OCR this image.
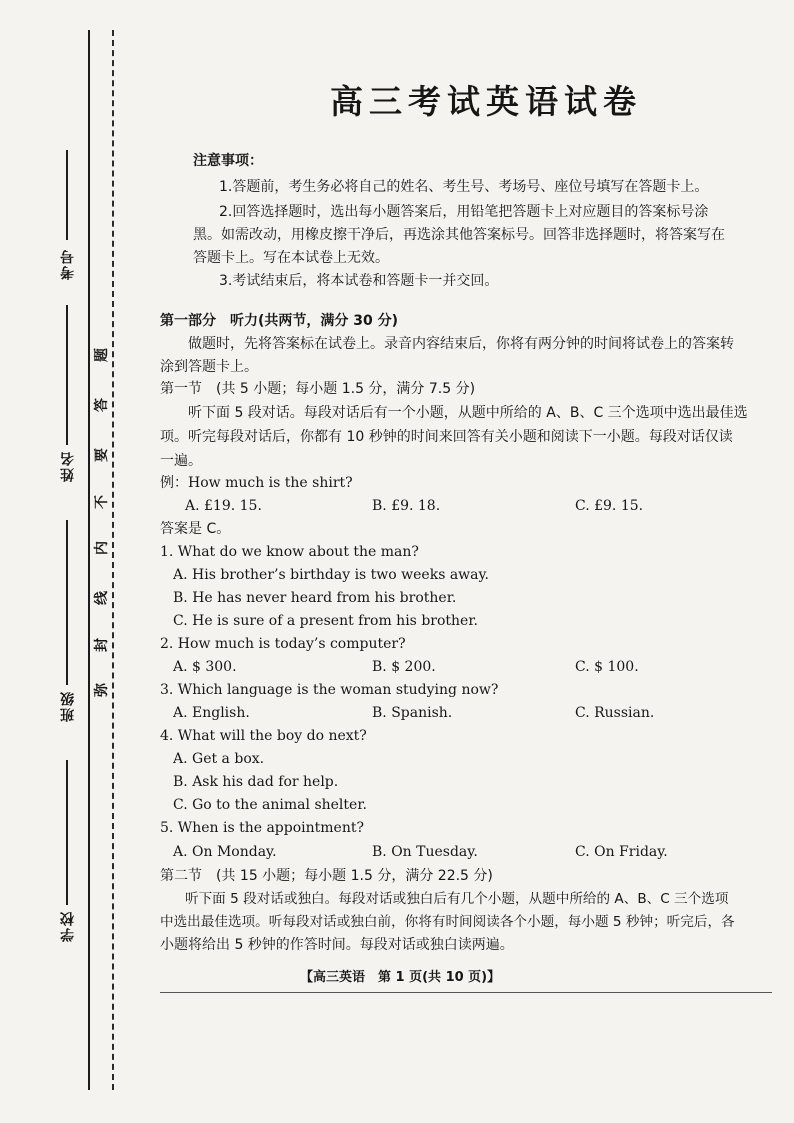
考号
姓名
班级
学校
题
答
要
不
内
线
封
弥
高三考试英语试卷
注意事项：
1.答题前，考生务必将自己的姓名、考生号、考场号、座位号填写在答题卡上。
2.回答选择题时，选出每小题答案后，用铅笔把答题卡上对应题目的答案标号涂
黑。如需改动，用橡皮擦干净后，再选涂其他答案标号。回答非选择题时，将答案写在
答题卡上。写在本试卷上无效。
3.考试结束后，将本试卷和答题卡一并交回。
第一部分　听力(共两节，满分 30 分)
做题时，先将答案标在试卷上。录音内容结束后，你将有两分钟的时间将试卷上的答案转
涂到答题卡上。
第一节　(共 5 小题；每小题 1.5 分，满分 7.5 分)
听下面 5 段对话。每段对话后有一个小题，从题中所给的 A、B、C 三个选项中选出最佳选
项。听完每段对话后，你都有 10 秒钟的时间来回答有关小题和阅读下一小题。每段对话仅读
一遍。
例：How much is the shirt?
A. £19. 15.	B. £9. 18.	C. £9. 15.
答案是 C。
1. What do we know about the man?
A. His brother’s birthday is two weeks away.
B. He has never heard from his brother.
C. He is sure of a present from his brother.
2. How much is today’s computer?
A. $ 300.	B. $ 200.	C. $ 100.
3. Which language is the woman studying now?
A. English.	B. Spanish.	C. Russian.
4. What will the boy do next?
A. Get a box.
B. Ask his dad for help.
C. Go to the animal shelter.
5. When is the appointment?
A. On Monday.	B. On Tuesday.	C. On Friday.
第二节　(共 15 小题；每小题 1.5 分，满分 22.5 分)
听下面 5 段对话或独白。每段对话或独白后有几个小题，从题中所给的 A、B、C 三个选项
中选出最佳选项。听每段对话或独白前，你将有时间阅读各个小题，每小题 5 秒钟；听完后，各
小题将给出 5 秒钟的作答时间。每段对话或独白读两遍。
【高三英语　第 1 页(共 10 页)】
